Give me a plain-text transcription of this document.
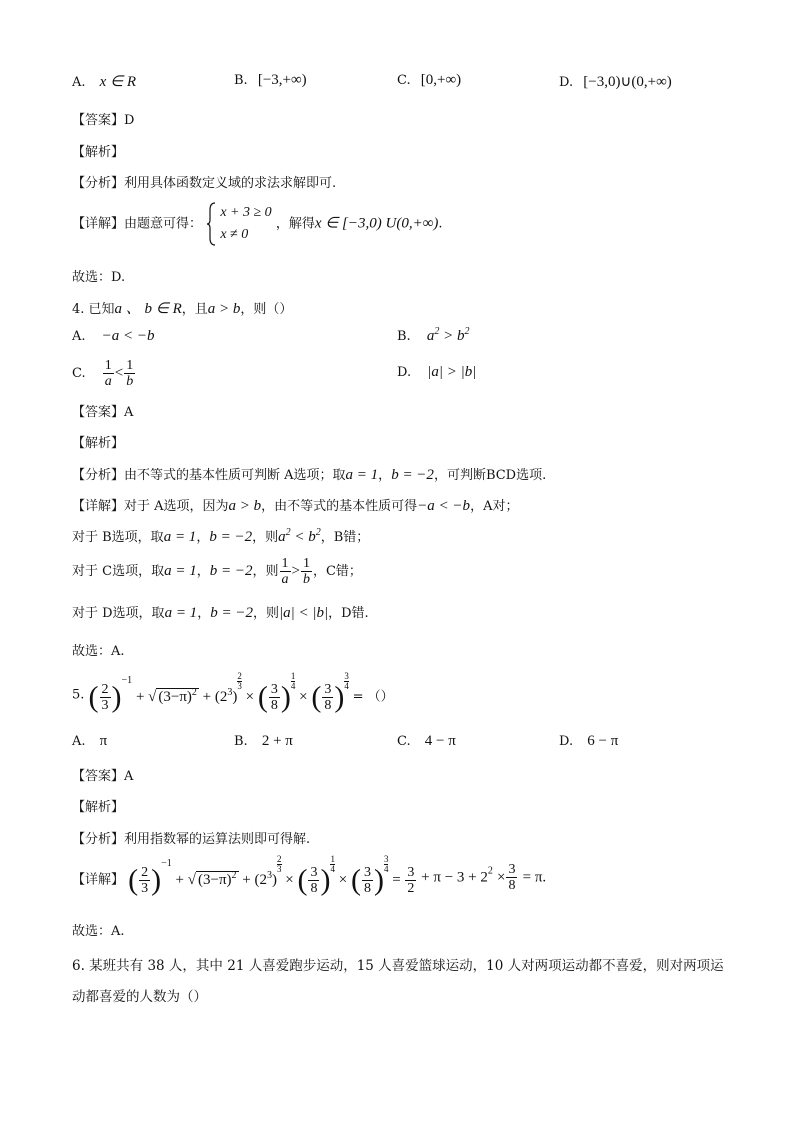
A. x ∈ R	B. [−3,+∞)	C. [0,+∞)	D. [−3,0)∪(0,+∞)
【答案】D
【解析】
【分析】利用具体函数定义域的求法求解即可.
【详解】由题意可得：
x + 3 ≥ 0
x ≠ 0
，解得x ∈ [−3,0) U(0,+∞).
故选：D.
4. 已知a 、 b ∈ R，且a > b，则（）
A. −a < −b	B. $a^2 > b^2$
C. $\frac{1}{a} < \frac{1}{b}$	D. |a| > |b|
【答案】A
【解析】
【分析】由不等式的基本性质可判断 A选项；取a = 1，b = −2，可判断BCD选项.
【详解】对于 A选项，因为a > b，由不等式的基本性质可得−a < −b，A对；
对于 B选项，取a = 1，b = −2，则$a^2 < b^2$，B错；
对于 C选项，取a = 1，b = −2，则 $\frac{1}{a} > \frac{1}{b}$ ，C错；
对于 D选项，取a = 1，b = −2，则|a| < |b|，D错.
故选：A.
5. ( $\frac{2}{3} )^{-1}$ + √ $(3-\pi)^2 + (2^3)$
$\frac{2}{3}$ × ( $\frac{3}{8}$ ) $\frac{1}{4}$ × ( $\frac{3}{8}$ ) $\frac{3}{4}$ = （）
A. π	B. 2 + π	C. 4 − π	D. 6 − π
【答案】A
【解析】
【分析】利用指数幂的运算法则即可得解.
【详解】 ( $\frac{2}{3} )^{-1}$ + √ $(3-\pi)^2 + (2^3)$
$\frac{2}{3}$ × ( $\frac{3}{8}$ ) $\frac{1}{4}$ × ( $\frac{3}{8}$ ) $\frac{3}{4} = \frac{3}{2} + \pi - 3 + 2^2 \times \frac{3}{8} = \pi$.
故选：A.
6. 某班共有 38 人，其中 21 人喜爱跑步运动，15 人喜爱篮球运动，10 人对两项运动都不喜爱，则对两项运
动都喜爱的人数为（）
